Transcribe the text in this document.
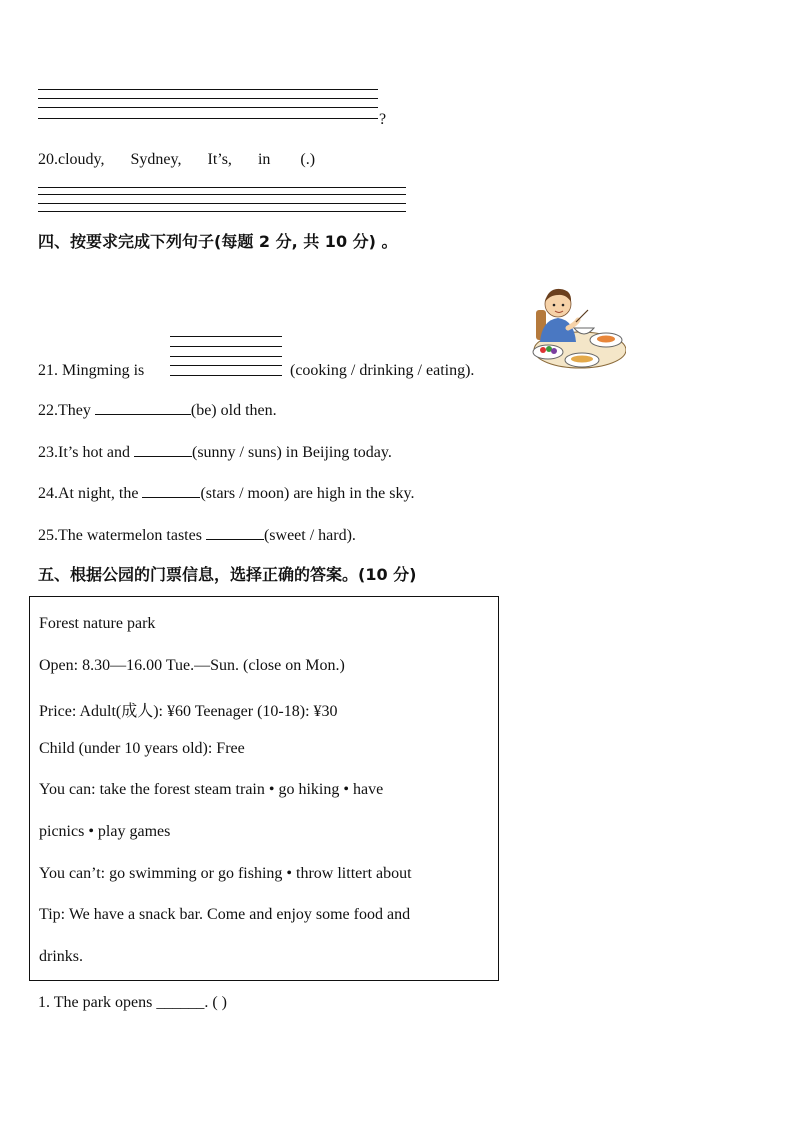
?
20.cloudy, Sydney, It’s, in (.)
四、按要求完成下列句子(每题 2 分, 共 10 分) 。
21. Mingming is	(cooking / drinking / eating).
22.They	(be) old then.
23.It’s hot and	(sunny / suns) in Beijing today.
24.At night, the	(stars / moon) are high in the sky.
25.The watermelon tastes	(sweet / hard).
五、根据公园的门票信息，选择正确的答案。(10 分)
Forest nature park
Open: 8.30—16.00 Tue.—Sun. (close on Mon.)
Price: Adult(成人): ¥60 Teenager (10-18): ¥30
Child (under 10 years old): Free
You can: take the forest steam train • go hiking • have
picnics • play games
You can’t: go swimming or go fishing • throw littert about
Tip: We have a snack bar. Come and enjoy some food and
drinks.
1. The park opens ______. ( )
